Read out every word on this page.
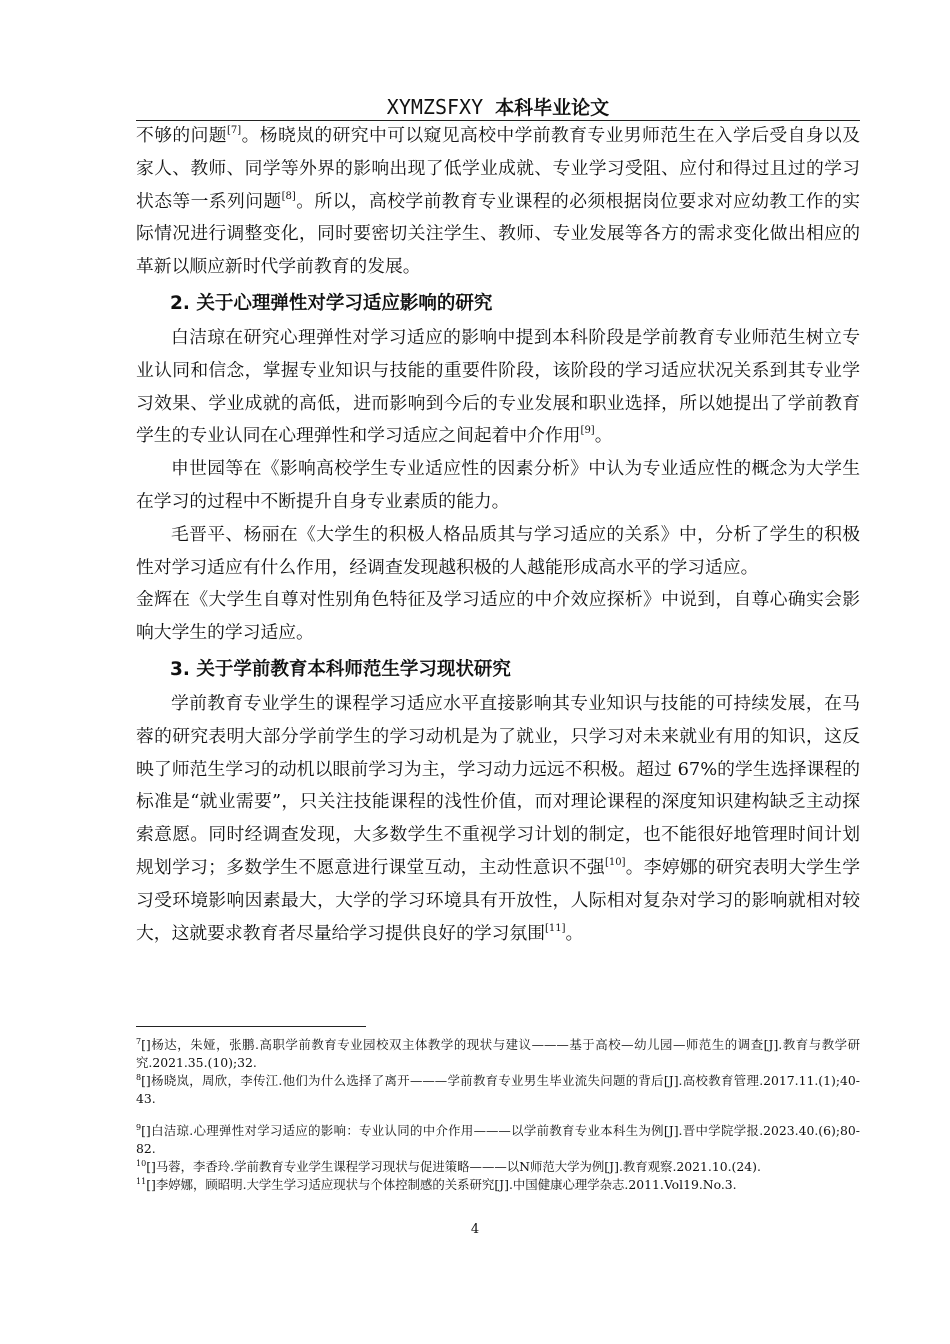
XYMZSFXY 本科毕业论文

不够的问题[7]。杨晓岚的研究中可以窥见高校中学前教育专业男师范生在入学后受自身以及家人、教师、同学等外界的影响出现了低学业成就、专业学习受阻、应付和得过且过的学习状态等一系列问题[8]。所以，高校学前教育专业课程的必须根据岗位要求对应幼教工作的实际情况进行调整变化，同时要密切关注学生、教师、专业发展等各方的需求变化做出相应的革新以顺应新时代学前教育的发展。

2. 关于心理弹性对学习适应影响的研究

白洁琼在研究心理弹性对学习适应的影响中提到本科阶段是学前教育专业师范生树立专业认同和信念，掌握专业知识与技能的重要件阶段，该阶段的学习适应状况关系到其专业学习效果、学业成就的高低，进而影响到今后的专业发展和职业选择，所以她提出了学前教育学生的专业认同在心理弹性和学习适应之间起着中介作用[9]。

申世园等在《影响高校学生专业适应性的因素分析》中认为专业适应性的概念为大学生在学习的过程中不断提升自身专业素质的能力。

毛晋平、杨丽在《大学生的积极人格品质其与学习适应的关系》中，分析了学生的积极性对学习适应有什么作用，经调查发现越积极的人越能形成高水平的学习适应。

金辉在《大学生自尊对性别角色特征及学习适应的中介效应探析》中说到，自尊心确实会影响大学生的学习适应。

3. 关于学前教育本科师范生学习现状研究

学前教育专业学生的课程学习适应水平直接影响其专业知识与技能的可持续发展，在马蓉的研究表明大部分学前学生的学习动机是为了就业，只学习对未来就业有用的知识，这反映了师范生学习的动机以眼前学习为主，学习动力远远不积极。超过 67%的学生选择课程的标准是“就业需要”，只关注技能课程的浅性价值，而对理论课程的深度知识建构缺乏主动探索意愿。同时经调查发现，大多数学生不重视学习计划的制定，也不能很好地管理时间计划规划学习；多数学生不愿意进行课堂互动，主动性意识不强[10]。李婷娜的研究表明大学生学习受环境影响因素最大，大学的学习环境具有开放性，人际相对复杂对学习的影响就相对较大，这就要求教育者尽量给学习提供良好的学习氛围[11]。

$^7$[]杨达，朱娅，张鹏.高职学前教育专业园校双主体教学的现状与建议———基于高校—幼儿园—师范生的调查[J].教育与教学研究.2021.35.(10);32.

$^8$[]杨晓岚，周欣，李传江.他们为什么选择了离开———学前教育专业男生毕业流失问题的背后[J].高校教育管理.2017.11.(1);40-43.

$^9$[]白洁琼.心理弹性对学习适应的影响：专业认同的中介作用———以学前教育专业本科生为例[J].晋中学院学报.2023.40.(6);80-82.

$^{10}$[]马蓉，李香玲.学前教育专业学生课程学习现状与促进策略———以N师范大学为例[J].教育观察.2021.10.(24).

$^{11}$[]李婷娜，顾昭明.大学生学习适应现状与个体控制感的关系研究[J].中国健康心理学杂志.2011.Vol19.No.3.

4
